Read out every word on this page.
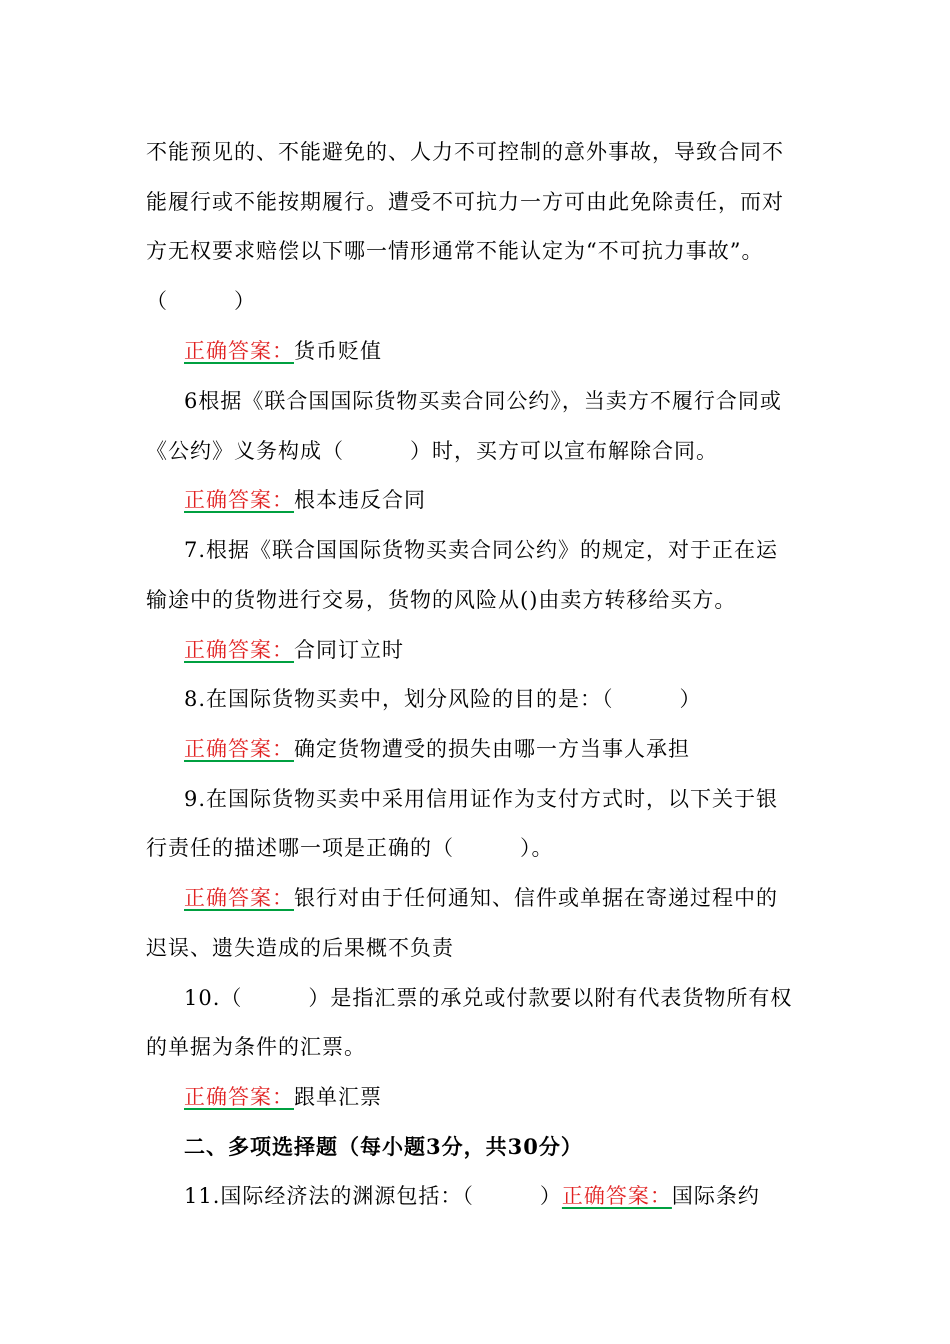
不能预见的、不能避免的、人力不可控制的意外事故，导致合同不
能履行或不能按期履行。遭受不可抗力一方可由此免除责任，而对
方无权要求赔偿以下哪一情形通常不能认定为“不可抗力事故”。
（　　　）
正确答案：货币贬值
6根据《联合国国际货物买卖合同公约》，当卖方不履行合同或
《公约》义务构成（　　　）时，买方可以宣布解除合同。
正确答案：根本违反合同
7.根据《联合国国际货物买卖合同公约》的规定，对于正在运
输途中的货物进行交易，货物的风险从()由卖方转移给买方。
正确答案：合同订立时
8.在国际货物买卖中，划分风险的目的是：（　　　）
正确答案：确定货物遭受的损失由哪一方当事人承担
9.在国际货物买卖中采用信用证作为支付方式时，以下关于银
行责任的描述哪一项是正确的（　　　）。
正确答案：银行对由于任何通知、信件或单据在寄递过程中的
迟误、遗失造成的后果概不负责
10.（　　　）是指汇票的承兑或付款要以附有代表货物所有权
的单据为条件的汇票。
正确答案：跟单汇票
二、多项选择题（每小题3分，共30分）
11.国际经济法的渊源包括：（　　　）正确答案：国际条约
